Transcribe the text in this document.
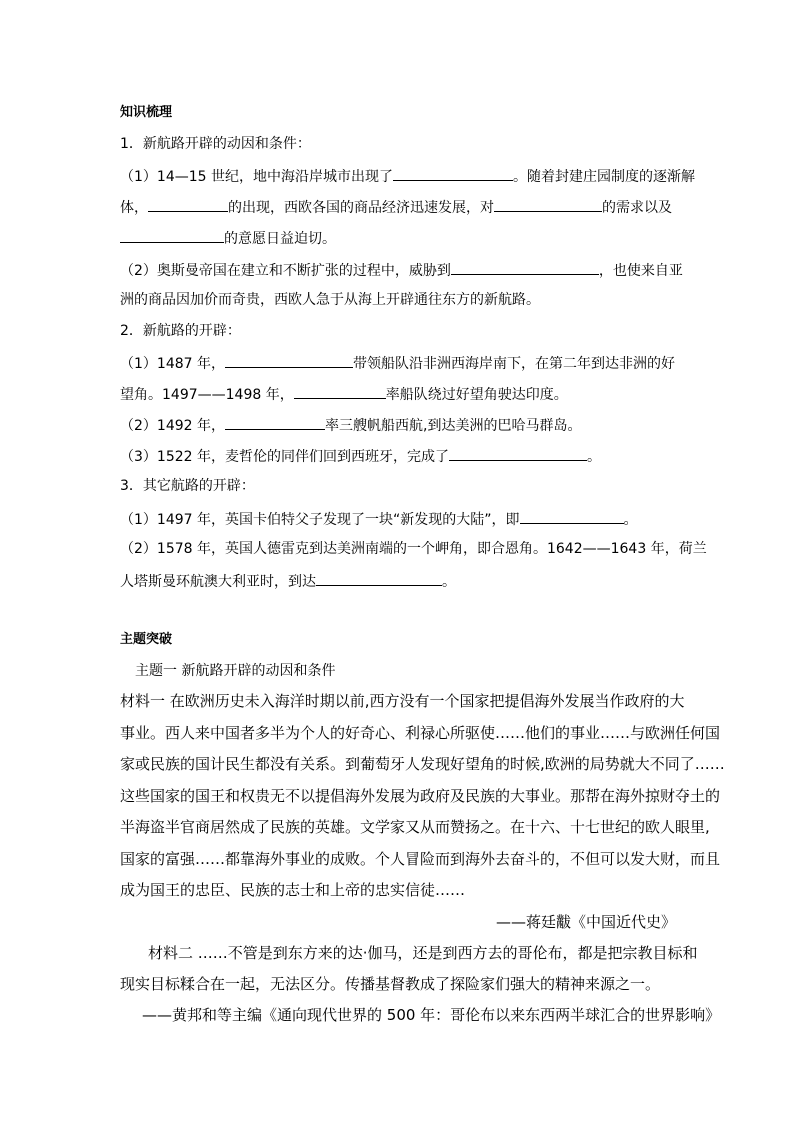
知识梳理
1．新航路开辟的动因和条件：
（1）14—15 世纪，地中海沿岸城市出现了	。随着封建庄园制度的逐渐解
体，	的出现，西欧各国的商品经济迅速发展，对	的需求以及
的意愿日益迫切。
（2）奥斯曼帝国在建立和不断扩张的过程中，威胁到	，也使来自亚
洲的商品因加价而奇贵，西欧人急于从海上开辟通往东方的新航路。
2．新航路的开辟：
（1）1487 年，	带领船队沿非洲西海岸南下，在第二年到达非洲的好
望角。1497——1498 年，	率船队绕过好望角驶达印度。
（2）1492 年，	率三艘帆船西航,到达美洲的巴哈马群岛。
（3）1522 年，麦哲伦的同伴们回到西班牙，完成了	。
3．其它航路的开辟：
（1）1497 年，英国卡伯特父子发现了一块“新发现的大陆”，即	。
（2）1578 年，英国人德雷克到达美洲南端的一个岬角，即合恩角。1642——1643 年，荷兰
人塔斯曼环航澳大利亚时，到达	。
主题突破
主题一 新航路开辟的动因和条件
材料一 在欧洲历史未入海洋时期以前,西方没有一个国家把提倡海外发展当作政府的大
事业。西人来中国者多半为个人的好奇心、利禄心所驱使……他们的事业……与欧洲任何国
家或民族的国计民生都没有关系。到葡萄牙人发现好望角的时候,欧洲的局势就大不同了……
这些国家的国王和权贵无不以提倡海外发展为政府及民族的大事业。那帮在海外掠财夺土的
半海盗半官商居然成了民族的英雄。文学家又从而赞扬之。在十六、十七世纪的欧人眼里,
国家的富强……都靠海外事业的成败。个人冒险而到海外去奋斗的，不但可以发大财，而且
成为国王的忠臣、民族的志士和上帝的忠实信徒……
——蒋廷黻《中国近代史》
材料二 ……不管是到东方来的达·伽马，还是到西方去的哥伦布，都是把宗教目标和
现实目标糅合在一起，无法区分。传播基督教成了探险家们强大的精神来源之一。
——黄邦和等主编《通向现代世界的 500 年：哥伦布以来东西两半球汇合的世界影响》
